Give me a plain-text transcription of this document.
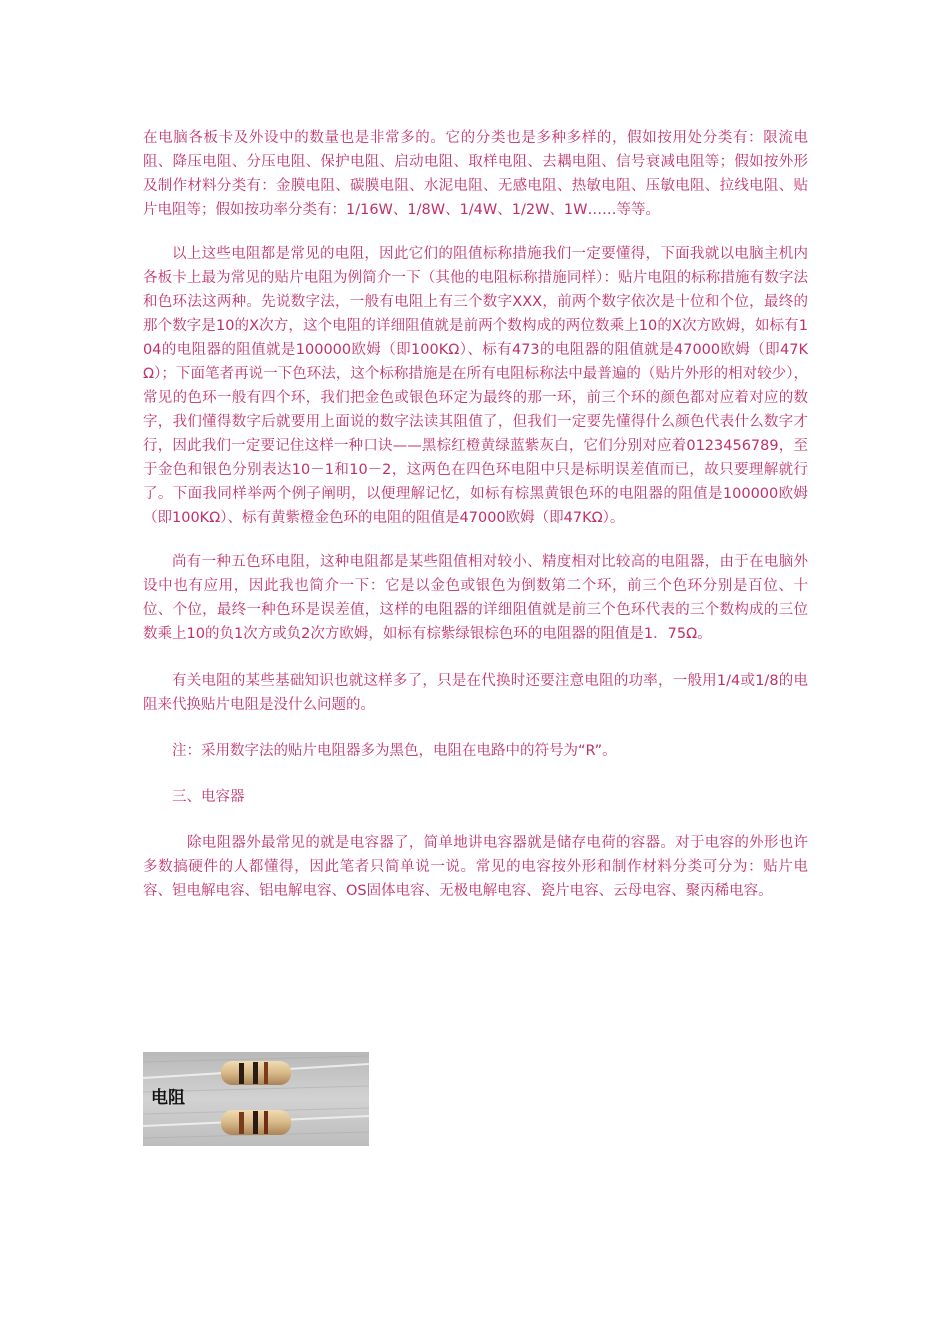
在电脑各板卡及外设中的数量也是非常多的。它的分类也是多种多样的，假如按用处分类有：限流电阻、降压电阻、分压电阻、保护电阻、启动电阻、取样电阻、去耦电阻、信号衰减电阻等；假如按外形及制作材料分类有：金膜电阻、碳膜电阻、水泥电阻、无感电阻、热敏电阻、压敏电阻、拉线电阻、贴片电阻等；假如按功率分类有：1/16W、1/8W、1/4W、1/2W、1W……等等。

以上这些电阻都是常见的电阻，因此它们的阻值标称措施我们一定要懂得，下面我就以电脑主机内各板卡上最为常见的贴片电阻为例简介一下（其他的电阻标称措施同样）：贴片电阻的标称措施有数字法和色环法这两种。先说数字法，一般有电阻上有三个数字XXX，前两个数字依次是十位和个位，最终的那个数字是10的X次方，这个电阻的详细阻值就是前两个数构成的两位数乘上10的X次方欧姆，如标有104的电阻器的阻值就是100000欧姆（即100KΩ）、标有473的电阻器的阻值就是47000欧姆（即47KΩ）；下面笔者再说一下色环法，这个标称措施是在所有电阻标称法中最普遍的（贴片外形的相对较少），常见的色环一般有四个环，我们把金色或银色环定为最终的那一环，前三个环的颜色都对应着对应的数字，我们懂得数字后就要用上面说的数字法读其阻值了，但我们一定要先懂得什么颜色代表什么数字才行，因此我们一定要记住这样一种口诀——黑棕红橙黄绿蓝紫灰白，它们分别对应着0123456789，至于金色和银色分别表达10－1和10－2，这两色在四色环电阻中只是标明误差值而已，故只要理解就行了。下面我同样举两个例子阐明，以便理解记忆，如标有棕黑黄银色环的电阻器的阻值是100000欧姆（即100KΩ）、标有黄紫橙金色环的电阻的阻值是47000欧姆（即47KΩ）。

尚有一种五色环电阻，这种电阻都是某些阻值相对较小、精度相对比较高的电阻器，由于在电脑外设中也有应用，因此我也简介一下：它是以金色或银色为倒数第二个环，前三个色环分别是百位、十位、个位，最终一种色环是误差值，这样的电阻器的详细阻值就是前三个色环代表的三个数构成的三位数乘上10的负1次方或负2次方欧姆，如标有棕紫绿银棕色环的电阻器的阻值是1．75Ω。

有关电阻的某些基础知识也就这样多了，只是在代换时还要注意电阻的功率，一般用1/4或1/8的电阻来代换贴片电阻是没什么问题的。

注：采用数字法的贴片电阻器多为黑色，电阻在电路中的符号为“R”。

三、电容器

除电阻器外最常见的就是电容器了，简单地讲电容器就是储存电荷的容器。对于电容的外形也许多数搞硬件的人都懂得，因此笔者只简单说一说。常见的电容按外形和制作材料分类可分为：贴片电容、钽电解电容、铝电解电容、OS固体电容、无极电解电容、瓷片电容、云母电容、聚丙稀电容。

电阻
